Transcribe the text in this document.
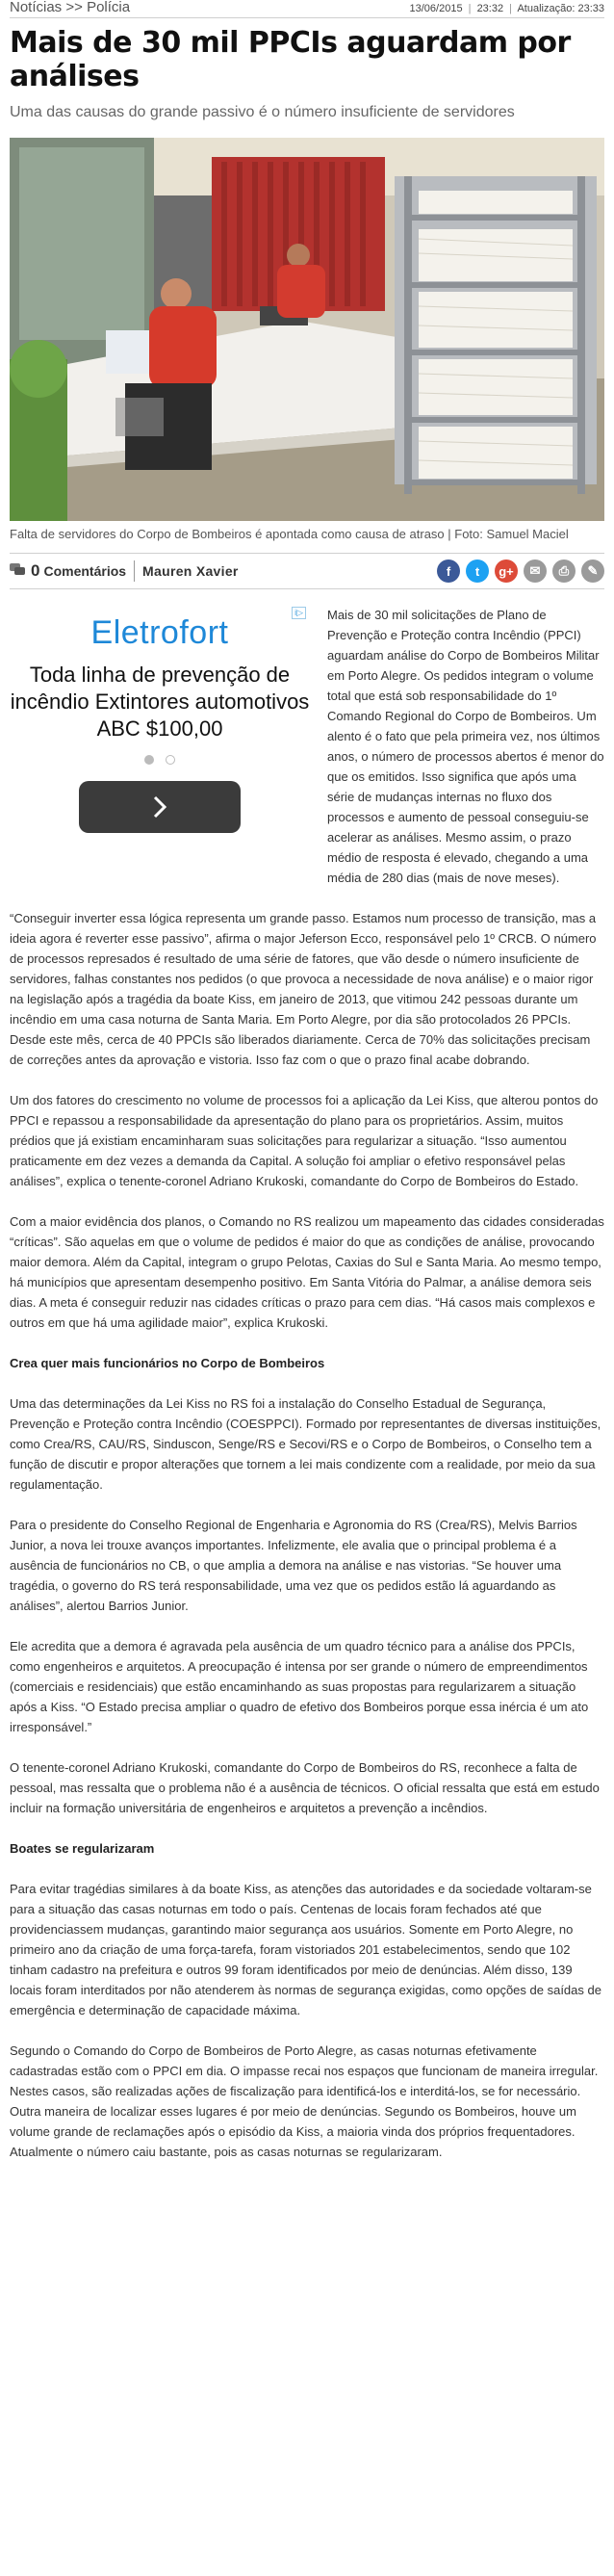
Notícias >> Polícia	13/06/2015 | 23:32 | Atualização: 23:33
Mais de 30 mil PPCIs aguardam por análises
Uma das causas do grande passivo é o número insuficiente de servidores
Falta de servidores do Corpo de Bombeiros é apontada como causa de atraso | Foto: Samuel Maciel
0 Comentários Mauren Xavier	f	t	g+	✉	⎙	✎
i▷
Eletrofort
Toda linha de prevenção de incêndio Extintores automotivos ABC $100,00

Mais de 30 mil solicitações de Plano de Prevenção e Proteção contra Incêndio (PPCI) aguardam análise do Corpo de Bombeiros Militar em Porto Alegre. Os pedidos integram o volume total que está sob responsabilidade do 1º Comando Regional do Corpo de Bombeiros. Um alento é o fato que pela primeira vez, nos últimos anos, o número de processos abertos é menor do que os emitidos. Isso significa que após uma série de mudanças internas no fluxo dos processos e aumento de pessoal conseguiu-se acelerar as análises. Mesmo assim, o prazo médio de resposta é elevado, chegando a uma média de 280 dias (mais de nove meses).

“Conseguir inverter essa lógica representa um grande passo. Estamos num processo de transição, mas a ideia agora é reverter esse passivo”, afirma o major Jeferson Ecco, responsável pelo 1º CRCB. O número de processos represados é resultado de uma série de fatores, que vão desde o número insuficiente de servidores, falhas constantes nos pedidos (o que provoca a necessidade de nova análise) e o maior rigor na legislação após a tragédia da boate Kiss, em janeiro de 2013, que vitimou 242 pessoas durante um incêndio em uma casa noturna de Santa Maria. Em Porto Alegre, por dia são protocolados 26 PPCIs. Desde este mês, cerca de 40 PPCIs são liberados diariamente. Cerca de 70% das solicitações precisam de correções antes da aprovação e vistoria. Isso faz com o que o prazo final acabe dobrando.

Um dos fatores do crescimento no volume de processos foi a aplicação da Lei Kiss, que alterou pontos do PPCI e repassou a responsabilidade da apresentação do plano para os proprietários. Assim, muitos prédios que já existiam encaminharam suas solicitações para regularizar a situação. “Isso aumentou praticamente em dez vezes a demanda da Capital. A solução foi ampliar o efetivo responsável pelas análises”, explica o tenente-coronel Adriano Krukoski, comandante do Corpo de Bombeiros do Estado.

Com a maior evidência dos planos, o Comando no RS realizou um mapeamento das cidades consideradas “críticas”. São aquelas em que o volume de pedidos é maior do que as condições de análise, provocando maior demora. Além da Capital, integram o grupo Pelotas, Caxias do Sul e Santa Maria. Ao mesmo tempo, há municípios que apresentam desempenho positivo. Em Santa Vitória do Palmar, a análise demora seis dias. A meta é conseguir reduzir nas cidades críticas o prazo para cem dias. “Há casos mais complexos e outros em que há uma agilidade maior”, explica Krukoski.

Crea quer mais funcionários no Corpo de Bombeiros

Uma das determinações da Lei Kiss no RS foi a instalação do Conselho Estadual de Segurança, Prevenção e Proteção contra Incêndio (COESPPCI). Formado por representantes de diversas instituições, como Crea/RS, CAU/RS, Sinduscon, Senge/RS e Secovi/RS e o Corpo de Bombeiros, o Conselho tem a função de discutir e propor alterações que tornem a lei mais condizente com a realidade, por meio da sua regulamentação.

Para o presidente do Conselho Regional de Engenharia e Agronomia do RS (Crea/RS), Melvis Barrios Junior, a nova lei trouxe avanços importantes. Infelizmente, ele avalia que o principal problema é a ausência de funcionários no CB, o que amplia a demora na análise e nas vistorias. “Se houver uma tragédia, o governo do RS terá responsabilidade, uma vez que os pedidos estão lá aguardando as análises”, alertou Barrios Junior.

Ele acredita que a demora é agravada pela ausência de um quadro técnico para a análise dos PPCIs, como engenheiros e arquitetos. A preocupação é intensa por ser grande o número de empreendimentos (comerciais e residenciais) que estão encaminhando as suas propostas para regularizarem a situação após a Kiss. “O Estado precisa ampliar o quadro de efetivo dos Bombeiros porque essa inércia é um ato irresponsável.”

O tenente-coronel Adriano Krukoski, comandante do Corpo de Bombeiros do RS, reconhece a falta de pessoal, mas ressalta que o problema não é a ausência de técnicos. O oficial ressalta que está em estudo incluir na formação universitária de engenheiros e arquitetos a prevenção a incêndios.

Boates se regularizaram

Para evitar tragédias similares à da boate Kiss, as atenções das autoridades e da sociedade voltaram-se para a situação das casas noturnas em todo o país. Centenas de locais foram fechados até que providenciassem mudanças, garantindo maior segurança aos usuários. Somente em Porto Alegre, no primeiro ano da criação de uma força-tarefa, foram vistoriados 201 estabelecimentos, sendo que 102 tinham cadastro na prefeitura e outros 99 foram identificados por meio de denúncias. Além disso, 139 locais foram interditados por não atenderem às normas de segurança exigidas, como opções de saídas de emergência e determinação de capacidade máxima.

Segundo o Comando do Corpo de Bombeiros de Porto Alegre, as casas noturnas efetivamente cadastradas estão com o PPCI em dia. O impasse recai nos espaços que funcionam de maneira irregular. Nestes casos, são realizadas ações de fiscalização para identificá-los e interditá-los, se for necessário. Outra maneira de localizar esses lugares é por meio de denúncias. Segundo os Bombeiros, houve um volume grande de reclamações após o episódio da Kiss, a maioria vinda dos próprios frequentadores. Atualmente o número caiu bastante, pois as casas noturnas se regularizaram.
